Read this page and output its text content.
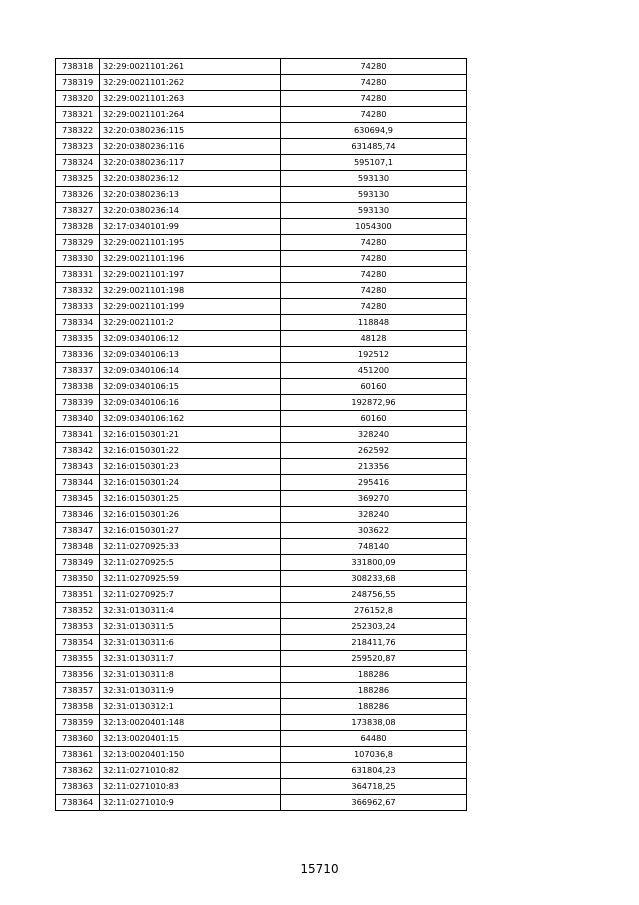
738318	32:29:0021101:261	74280
738319	32:29:0021101:262	74280
738320	32:29:0021101:263	74280
738321	32:29:0021101:264	74280
738322	32:20:0380236:115	630694,9
738323	32:20:0380236:116	631485,74
738324	32:20:0380236:117	595107,1
738325	32:20:0380236:12	593130
738326	32:20:0380236:13	593130
738327	32:20:0380236:14	593130
738328	32:17:0340101:99	1054300
738329	32:29:0021101:195	74280
738330	32:29:0021101:196	74280
738331	32:29:0021101:197	74280
738332	32:29:0021101:198	74280
738333	32:29:0021101:199	74280
738334	32:29:0021101:2	118848
738335	32:09:0340106:12	48128
738336	32:09:0340106:13	192512
738337	32:09:0340106:14	451200
738338	32:09:0340106:15	60160
738339	32:09:0340106:16	192872,96
738340	32:09:0340106:162	60160
738341	32:16:0150301:21	328240
738342	32:16:0150301:22	262592
738343	32:16:0150301:23	213356
738344	32:16:0150301:24	295416
738345	32:16:0150301:25	369270
738346	32:16:0150301:26	328240
738347	32:16:0150301:27	303622
738348	32:11:0270925:33	748140
738349	32:11:0270925:5	331800,09
738350	32:11:0270925:59	308233,68
738351	32:11:0270925:7	248756,55
738352	32:31:0130311:4	276152,8
738353	32:31:0130311:5	252303,24
738354	32:31:0130311:6	218411,76
738355	32:31:0130311:7	259520,87
738356	32:31:0130311:8	188286
738357	32:31:0130311:9	188286
738358	32:31:0130312:1	188286
738359	32:13:0020401:148	173838,08
738360	32:13:0020401:15	64480
738361	32:13:0020401:150	107036,8
738362	32:11:0271010:82	631804,23
738363	32:11:0271010:83	364718,25
738364	32:11:0271010:9	366962,67
15710
